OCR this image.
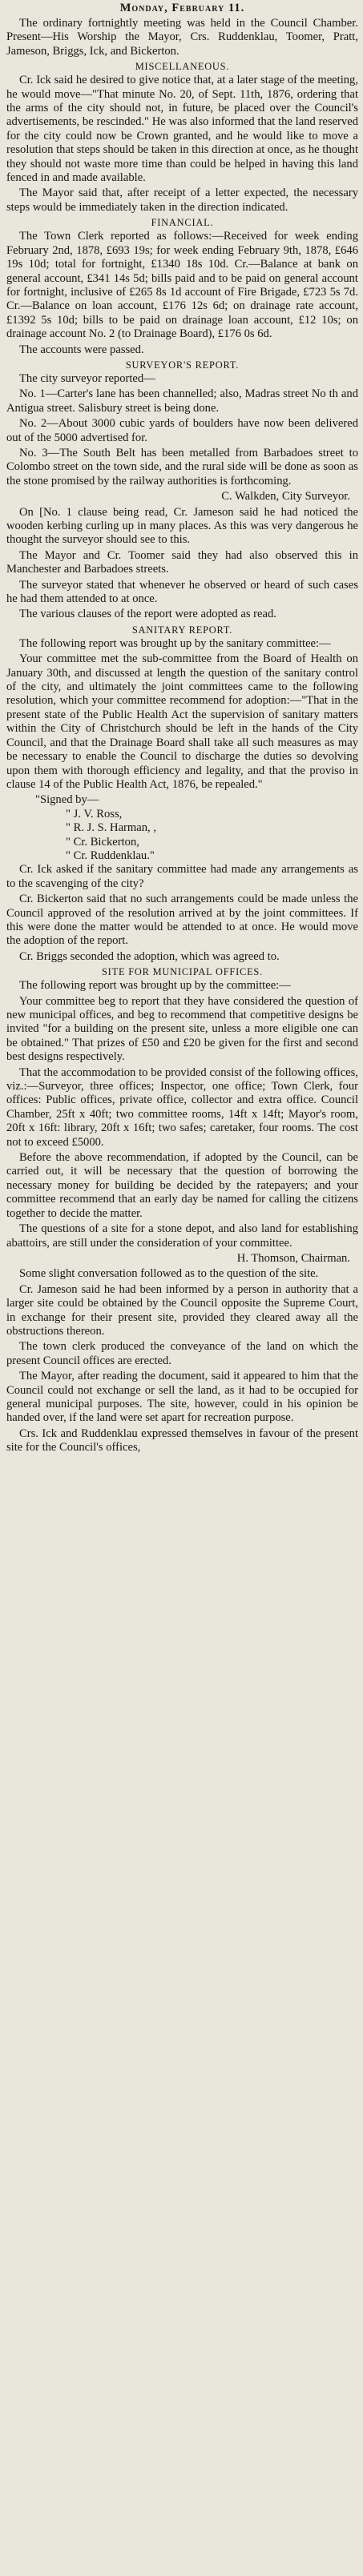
Monday, February 11.

The ordinary fortnightly meeting was held in the Council Chamber. Present—His Worship the Mayor, Crs. Ruddenklau, Toomer, Pratt, Jameson, Briggs, Ick, and Bickerton.

MISCELLANEOUS.

Cr. Ick said he desired to give notice that, at a later stage of the meeting, he would move—"That minute No. 20, of Sept. 11th, 1876, ordering that the arms of the city should not, in future, be placed over the Council's advertisements, be rescinded." He was also informed that the land reserved for the city could now be Crown granted, and he would like to move a resolution that steps should be taken in this direction at once, as he thought they should not waste more time than could be helped in having this land fenced in and made available.

The Mayor said that, after receipt of a letter expected, the necessary steps would be immediately taken in the direction indicated.

FINANCIAL.

The Town Clerk reported as follows:—Received for week ending February 2nd, 1878, £693 19s; for week ending February 9th, 1878, £646 19s 10d; total for fortnight, £1340 18s 10d. Cr.—Balance at bank on general account, £341 14s 5d; bills paid and to be paid on general account for fortnight, inclusive of £265 8s 1d account of Fire Brigade, £723 5s 7d. Cr.—Balance on loan account, £176 12s 6d; on drainage rate account, £1392 5s 10d; bills to be paid on drainage loan account, £12 10s; on drainage account No. 2 (to Drainage Board), £176 0s 6d.

The accounts were passed.

SURVEYOR'S REPORT.

The city surveyor reported—

No. 1—Carter's lane has been channelled; also, Madras street No th and Antigua street. Salisbury street is being done.

No. 2—About 3000 cubic yards of boulders have now been delivered out of the 5000 advertised for.

No. 3—The South Belt has been metalled from Barbadoes street to Colombo street on the town side, and the rural side will be done as soon as the stone promised by the railway authorities is forthcoming.

C. Walkden, City Surveyor.

On [No. 1 clause being read, Cr. Jameson said he had noticed the wooden kerbing curling up in many places. As this was very dangerous he thought the surveyor should see to this.

The Mayor and Cr. Toomer said they had also observed this in Manchester and Barbadoes streets.

The surveyor stated that whenever he observed or heard of such cases he had them attended to at once.

The various clauses of the report were adopted as read.

SANITARY REPORT.

The following report was brought up by the sanitary committee:—

Your committee met the sub-committee from the Board of Health on January 30th, and discussed at length the question of the sanitary control of the city, and ultimately the joint committees came to the following resolution, which your committee recommend for adoption:—"That in the present state of the Public Health Act the supervision of sanitary matters within the City of Christchurch should be left in the hands of the City Council, and that the Drainage Board shall take all such measures as may be necessary to enable the Council to discharge the duties so devolving upon them with thorough efficiency and legality, and that the proviso in clause 14 of the Public Health Act, 1876, be repealed."

"Signed by—
" J. V. Ross,
" R. J. S. Harman, ,
" Cr. Bickerton,
" Cr. Ruddenklau."

Cr. Ick asked if the sanitary committee had made any arrangements as to the scavenging of the city?

Cr. Bickerton said that no such arrangements could be made unless the Council approved of the resolution arrived at by the joint committees. If this were done the matter would be attended to at once. He would move the adoption of the report.

Cr. Briggs seconded the adoption, which was agreed to.

SITE FOR MUNICIPAL OFFICES.

The following report was brought up by the committee:—

Your committee beg to report that they have considered the question of new municipal offices, and beg to recommend that competitive designs be invited "for a building on the present site, unless a more eligible one can be obtained." That prizes of £50 and £20 be given for the first and second best designs respectively.

That the accommodation to be provided consist of the following offices, viz.:—Surveyor, three offices; Inspector, one office; Town Clerk, four offices: Public offices, private office, collector and extra office. Council Chamber, 25ft x 40ft; two committee rooms, 14ft x 14ft; Mayor's room, 20ft x 16ft: library, 20ft x 16ft; two safes; caretaker, four rooms. The cost not to exceed £5000.

Before the above recommendation, if adopted by the Council, can be carried out, it will be necessary that the question of borrowing the necessary money for building be decided by the ratepayers; and your committee recommend that an early day be named for calling the citizens together to decide the matter.

The questions of a site for a stone depot, and also land for establishing abattoirs, are still under the consideration of your committee.

H. Thomson, Chairman.

Some slight conversation followed as to the question of the site.

Cr. Jameson said he had been informed by a person in authority that a larger site could be obtained by the Council opposite the Supreme Court, in exchange for their present site, provided they cleared away all the obstructions thereon.

The town clerk produced the conveyance of the land on which the present Council offices are erected.

The Mayor, after reading the document, said it appeared to him that the Council could not exchange or sell the land, as it had to be occupied for general municipal purposes. The site, however, could in his opinion be handed over, if the land were set apart for recreation purpose.

Crs. Ick and Ruddenklau expressed themselves in favour of the present site for the Council's offices,
